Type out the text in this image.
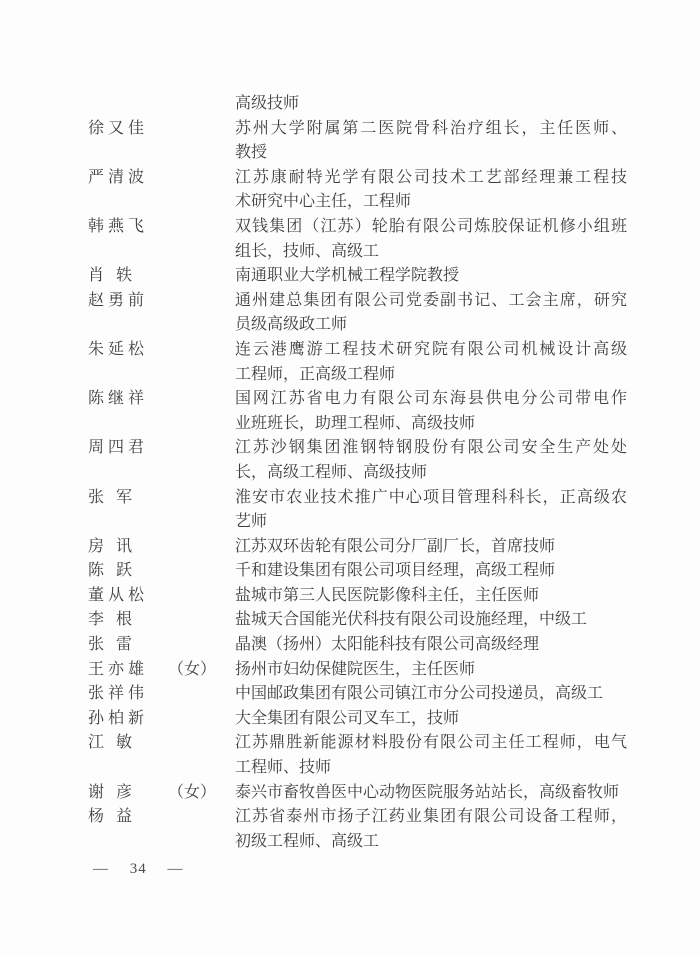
高级技师
徐又佳	苏州大学附属第二医院骨科治疗组长，主任医师、
教授
严清波	江苏康耐特光学有限公司技术工艺部经理兼工程技
术研究中心主任，工程师
韩燕飞	双钱集团（江苏）轮胎有限公司炼胶保证机修小组班
组长，技师、高级工
肖 轶	南通职业大学机械工程学院教授
赵勇前	通州建总集团有限公司党委副书记、工会主席，研究
员级高级政工师
朱延松	连云港鹰游工程技术研究院有限公司机械设计高级
工程师，正高级工程师
陈继祥	国网江苏省电力有限公司东海县供电分公司带电作
业班班长，助理工程师、高级技师
周四君	江苏沙钢集团淮钢特钢股份有限公司安全生产处处
长，高级工程师、高级技师
张 军	淮安市农业技术推广中心项目管理科科长，正高级农
艺师
房 讯	江苏双环齿轮有限公司分厂副厂长，首席技师
陈 跃	千和建设集团有限公司项目经理，高级工程师
董从松	盐城市第三人民医院影像科主任，主任医师
李 根	盐城天合国能光伏科技有限公司设施经理，中级工
张 雷	晶澳（扬州）太阳能科技有限公司高级经理
王亦雄 （女） 扬州市妇幼保健院医生，主任医师
张祥伟	中国邮政集团有限公司镇江市分公司投递员，高级工
孙柏新	大全集团有限公司叉车工，技师
江 敏	江苏鼎胜新能源材料股份有限公司主任工程师，电气
工程师、技师
谢 彦 （女） 泰兴市畜牧兽医中心动物医院服务站站长，高级畜牧师
杨 益	江苏省泰州市扬子江药业集团有限公司设备工程师，
初级工程师、高级工
— 34 —
